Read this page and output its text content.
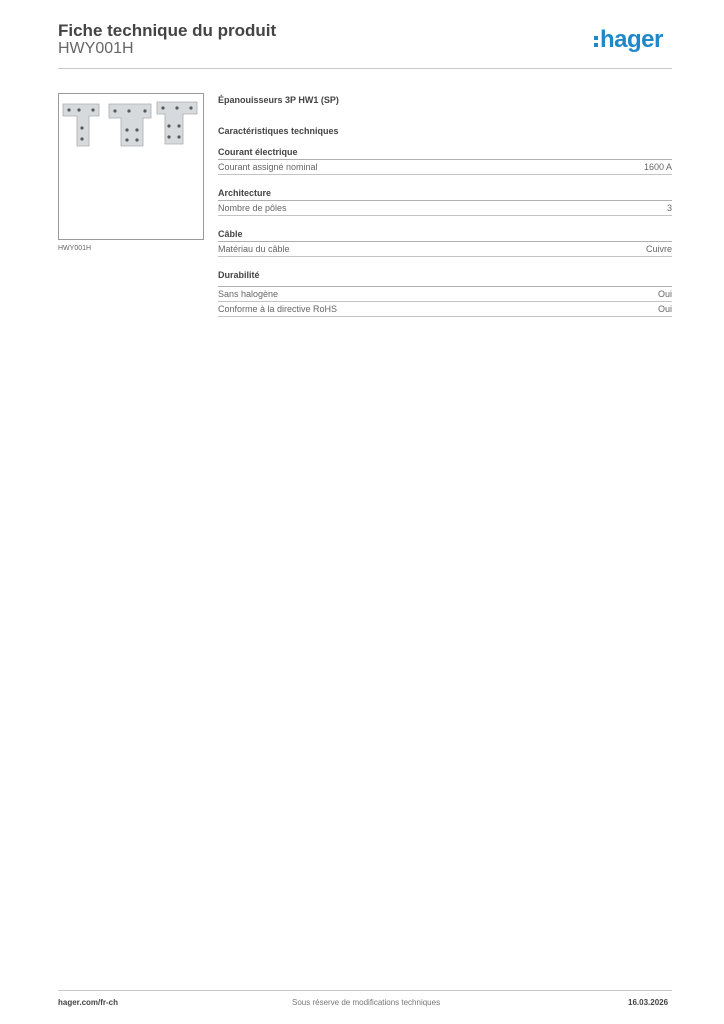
Fiche technique du produit
HWY001H	hager
HWY001H
Épanouisseurs 3P HW1 (SP)
Caractéristiques techniques
Courant électrique
Courant assigné nominal	1600 A
Architecture
Nombre de pôles	3
Câble
Matériau du câble	Cuivre
Durabilité
Sans halogène	Oui
Conforme à la directive RoHS	Oui
hager.com/fr-ch	Sous réserve de modifications techniques	16.03.2026
